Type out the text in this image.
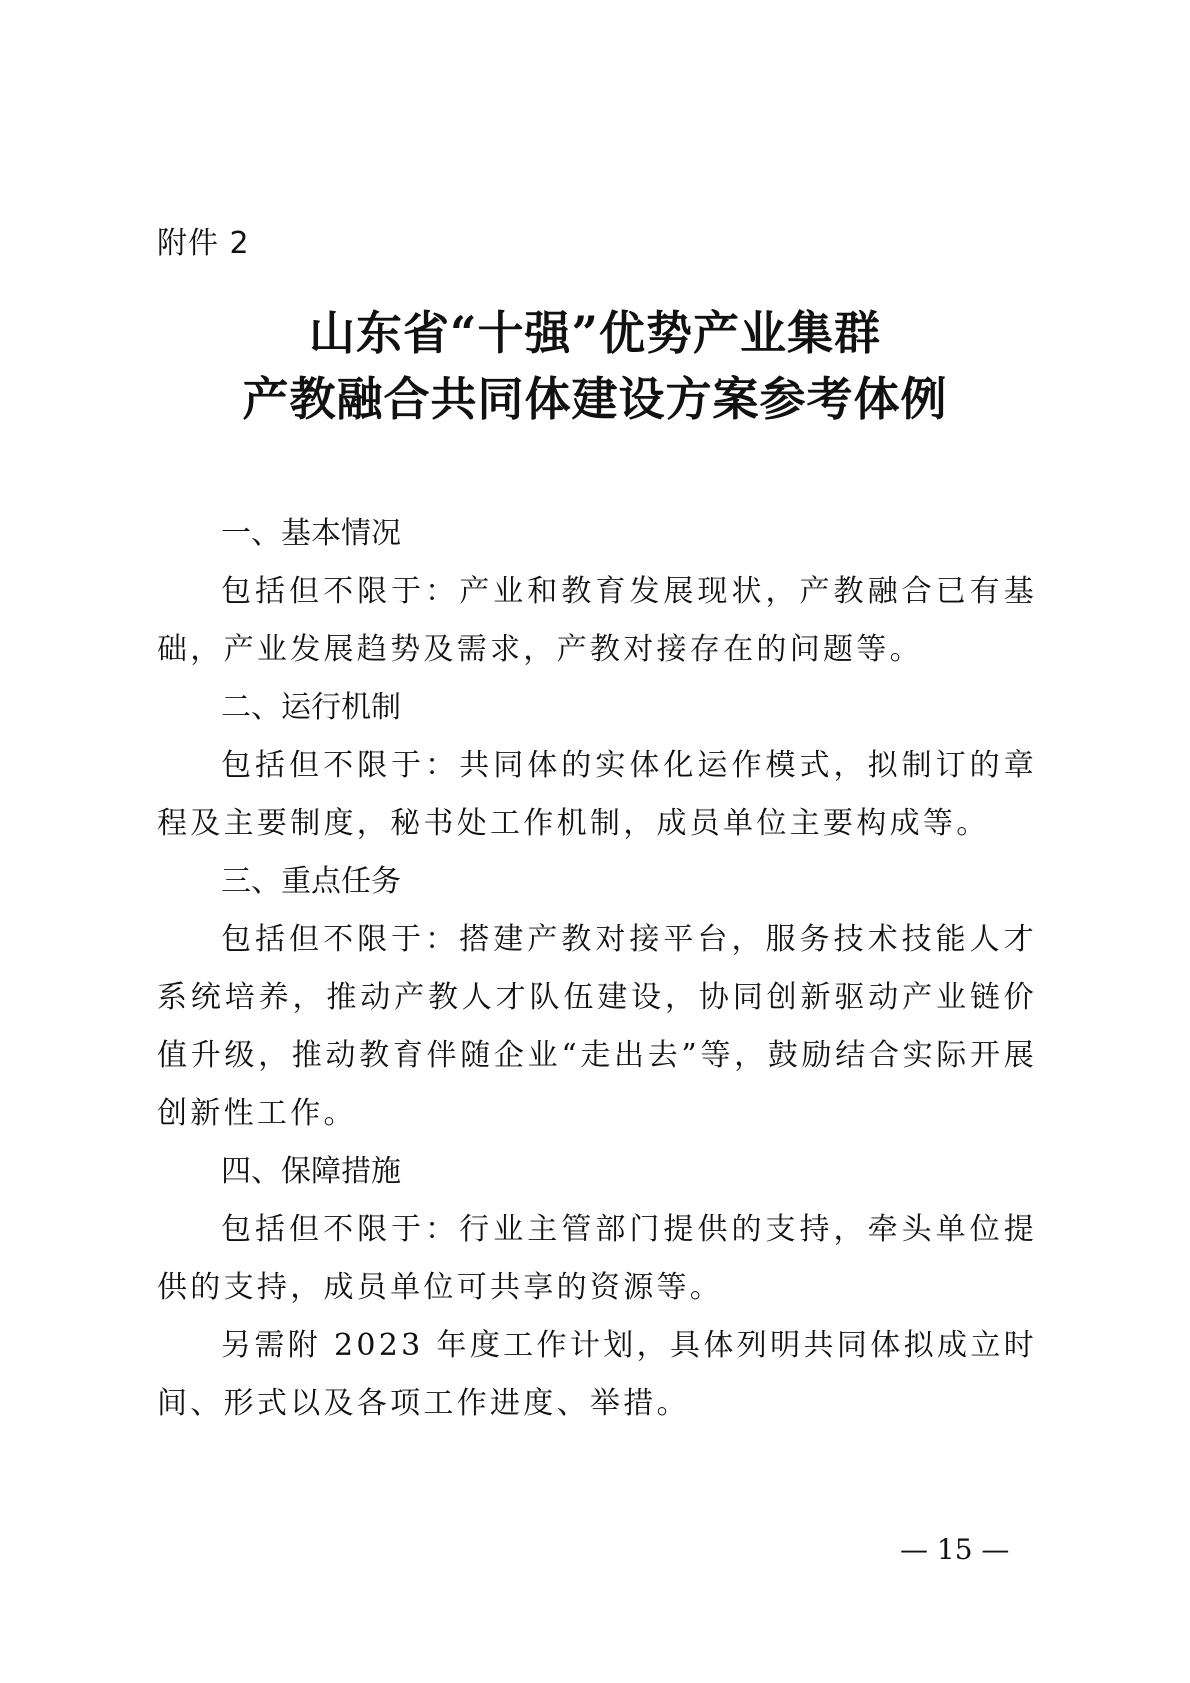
附件 2
山东省“十强”优势产业集群
产教融合共同体建设方案参考体例
一、基本情况
包括但不限于：产业和教育发展现状，产教融合已有基础，产业发展趋势及需求，产教对接存在的问题等。
二、运行机制
包括但不限于：共同体的实体化运作模式，拟制订的章程及主要制度，秘书处工作机制，成员单位主要构成等。
三、重点任务
包括但不限于：搭建产教对接平台，服务技术技能人才系统培养，推动产教人才队伍建设，协同创新驱动产业链价值升级，推动教育伴随企业“走出去”等，鼓励结合实际开展创新性工作。
四、保障措施
包括但不限于：行业主管部门提供的支持，牵头单位提供的支持，成员单位可共享的资源等。
另需附 2023 年度工作计划，具体列明共同体拟成立时间、形式以及各项工作进度、举措。
— 15 —
